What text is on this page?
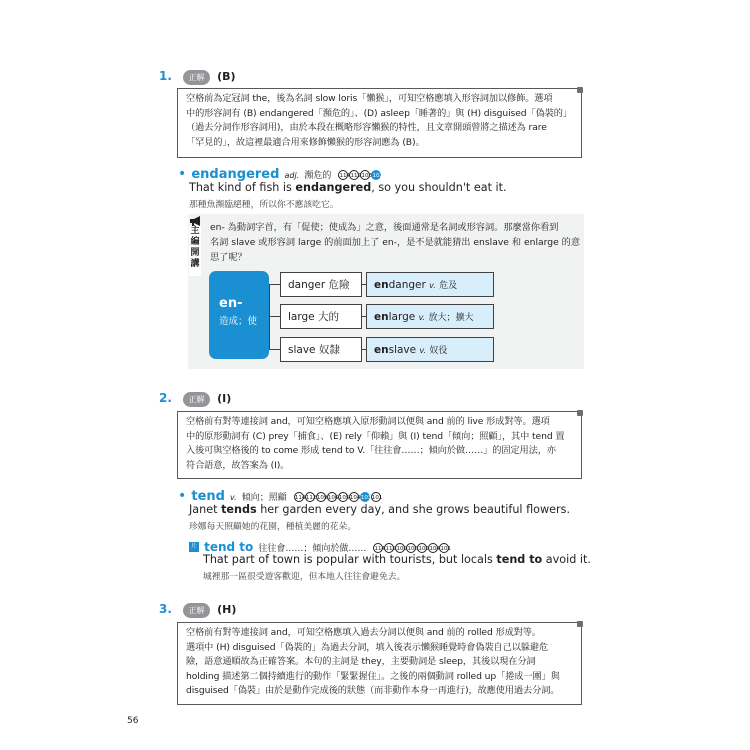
1. 正解 (B)

空格前為定冠詞 the，後為名詞 slow loris「懶猴」，可知空格應填入形容詞加以修飾。選項

中的形容詞有 (B) endangered「瀕危的」、(D) asleep「睡著的」與 (H) disguised「偽裝的」

（過去分詞作形容詞用)，由於本段在概略形容懶猴的特性，且文章開頭曾將之描述為 rare

「罕見的」，故這裡最適合用來修飾懶猴的形容詞應為 (B)。

• endangered adj. 瀕危的 114112108102
That kind of fish is endangered, so you shouldn't eat it.
那種魚瀕臨絕種，所以你不應該吃它。
主
編
開
講
en- 為動詞字首，有「促使；使成為」之意，後面通常是名詞或形容詞。那麼當你看到
名詞 slave 或形容詞 large 的前面加上了 en-，是不是就能猜出 enslave 和 enlarge 的意
思了呢？
en-
造成；使
danger 危險
large 大的
slave 奴隸
endanger v. 危及
enlarge v. 放大；擴大
enslave v. 奴役
2. 正解 (I)

空格前有對等連接詞 and，可知空格應填入原形動詞以便與 and 前的 live 形成對等。選項

中的原形動詞有 (C) prey「捕食」、(E) rely「仰賴」與 (I) tend「傾向；照顧」，其中 tend 置

入後可與空格後的 to come 形成 tend to V.「往往會……；傾向於做……」的固定用法，亦

符合語意，故答案為 (I)。

• tend v. 傾向；照顧 114112109106105104103101
Janet tends her garden every day, and she grows beautiful flowers.
珍娜每天照顧她的花園，種植美麗的花朵。
片 tend to 往往會……；傾向於做…… 114112109106105104101
That part of town is popular with tourists, but locals tend to avoid it.
城裡那一區很受遊客歡迎，但本地人往往會避免去。
3. 正解 (H)

空格前有對等連接詞 and，可知空格應填入過去分詞以便與 and 前的 rolled 形成對等。

選項中 (H) disguised「偽裝的」為過去分詞，填入後表示懶猴睡覺時會偽裝自己以躲避危

險，語意通順故為正確答案。本句的主詞是 they，主要動詞是 sleep，其後以現在分詞

holding 描述第二個持續進行的動作「緊緊握住」。之後的兩個動詞 rolled up「捲成一團」與

disguised「偽裝」由於是動作完成後的狀態（而非動作本身一再進行)，故應使用過去分詞。

56
